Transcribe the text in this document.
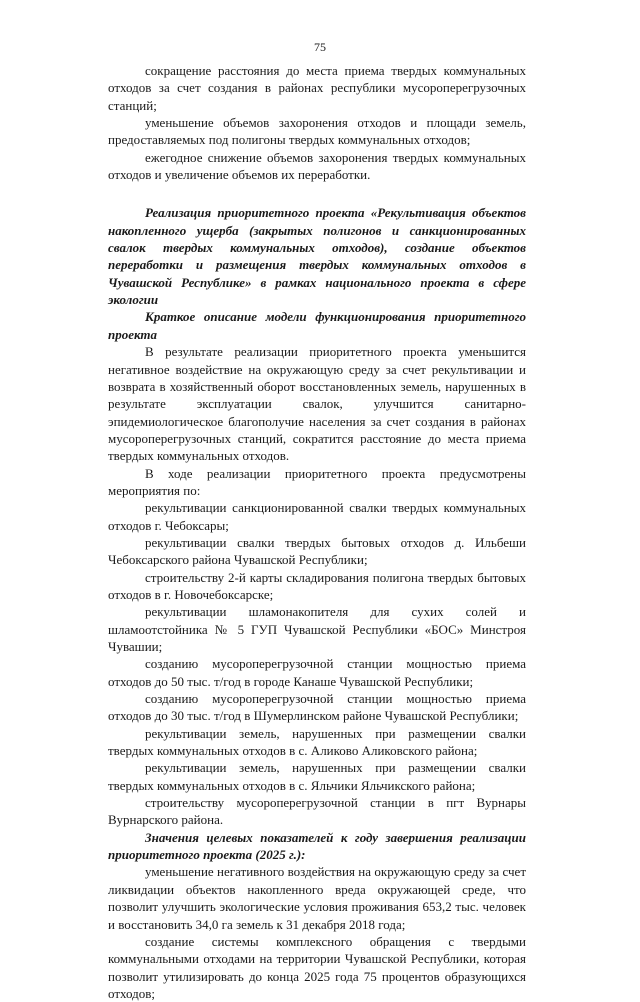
75

сокращение расстояния до места приема твердых коммунальных отходов за счет создания в районах республики мусороперегрузочных станций;

уменьшение объемов захоронения отходов и площади земель, предоставляемых под полигоны твердых коммунальных отходов;

ежегодное снижение объемов захоронения твердых коммунальных отходов и увеличение объемов их переработки.

Реализация приоритетного проекта «Рекультивация объектов накопленного ущерба (закрытых полигонов и санкционированных свалок твердых коммунальных отходов), создание объектов переработки и размещения твердых коммунальных отходов в Чувашской Республике» в рамках национального проекта в сфере экологии

Краткое описание модели функционирования приоритетного проекта

В результате реализации приоритетного проекта уменьшится негативное воздействие на окружающую среду за счет рекультивации и возврата в хозяйственный оборот восстановленных земель, нарушенных в результате эксплуатации свалок, улучшится санитарно-эпидемиологическое благополучие населения за счет создания в районах мусороперегрузочных станций, сократится расстояние до места приема твердых коммунальных отходов.

В ходе реализации приоритетного проекта предусмотрены мероприятия по:

рекультивации санкционированной свалки твердых коммунальных отходов г. Чебоксары;

рекультивации свалки твердых бытовых отходов д. Ильбеши Чебоксарского района Чувашской Республики;

строительству 2-й карты складирования полигона твердых бытовых отходов в г. Новочебоксарске;

рекультивации шламонакопителя для сухих солей и шламоотстойника № 5 ГУП Чувашской Республики «БОС» Минстроя Чувашии;

созданию мусороперегрузочной станции мощностью приема отходов до 50 тыс. т/год в городе Канаше Чувашской Республики;

созданию мусороперегрузочной станции мощностью приема отходов до 30 тыс. т/год в Шумерлинском районе Чувашской Республики;

рекультивации земель, нарушенных при размещении свалки твердых коммунальных отходов в с. Аликово Аликовского района;

рекультивации земель, нарушенных при размещении свалки твердых коммунальных отходов в с. Яльчики Яльчикского района;

строительству мусороперегрузочной станции в пгт Вурнары Вурнарского района.

Значения целевых показателей к году завершения реализации приоритетного проекта (2025 г.):

уменьшение негативного воздействия на окружающую среду за счет ликвидации объектов накопленного вреда окружающей среде, что позволит улучшить экологические условия проживания 653,2 тыс. человек и восстановить 34,0 га земель к 31 декабря 2018 года;

создание системы комплексного обращения с твердыми коммунальными отходами на территории Чувашской Республики, которая позволит утилизировать до конца 2025 года 75 процентов образующихся отходов;
